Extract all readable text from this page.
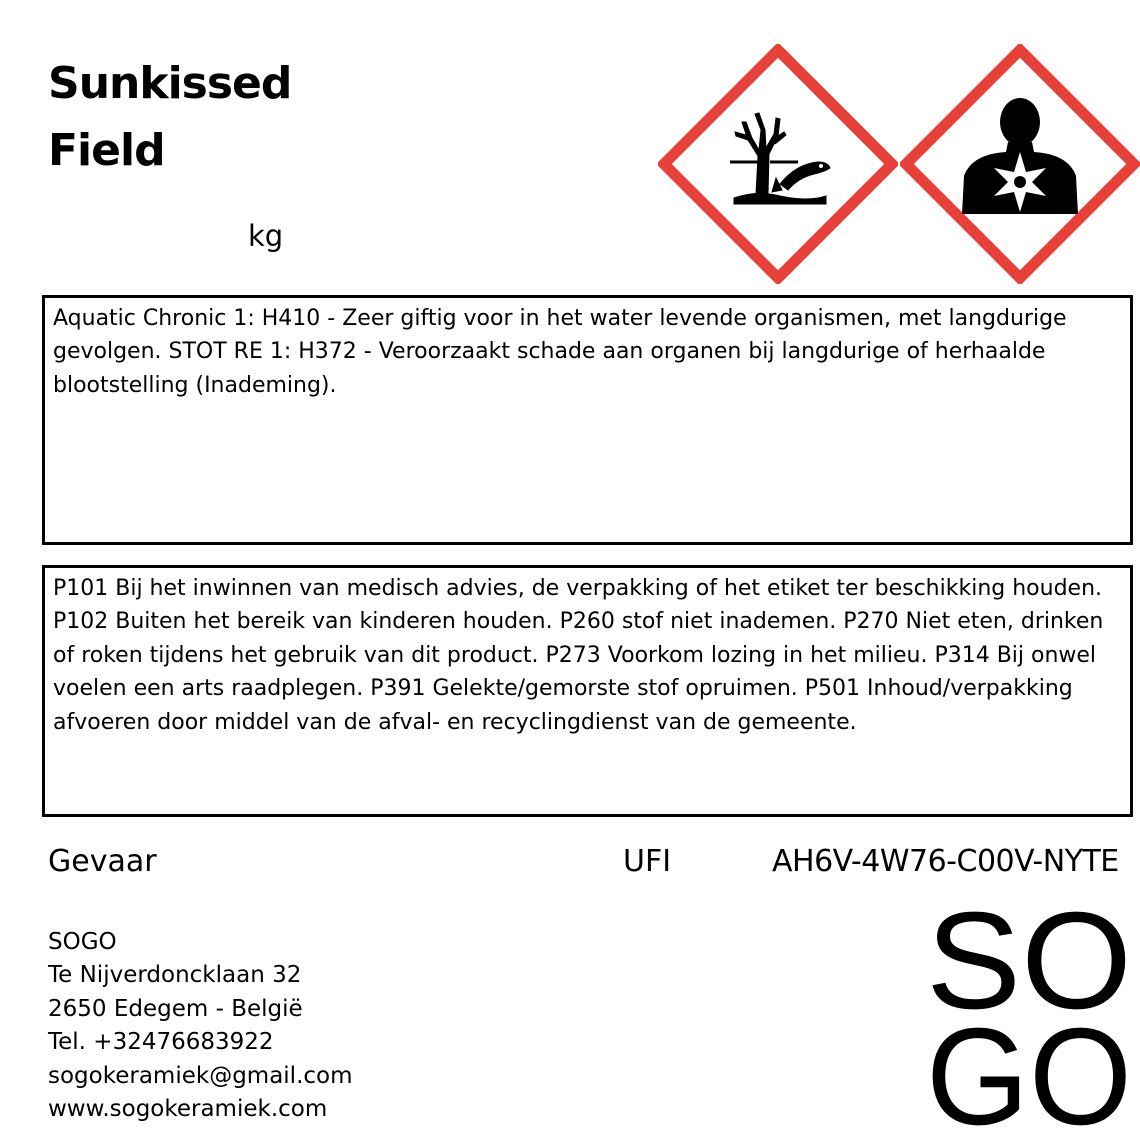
Sunkissed
Field
kg
Aquatic Chronic 1: H410 - Zeer giftig voor in het water levende organismen, met langdurige gevolgen. STOT RE 1: H372 - Veroorzaakt schade aan organen bij langdurige of herhaalde blootstelling (Inademing).
P101 Bij het inwinnen van medisch advies, de verpakking of het etiket ter beschikking houden. P102 Buiten het bereik van kinderen houden. P260 stof niet inademen. P270 Niet eten, drinken of roken tijdens het gebruik van dit product. P273 Voorkom lozing in het milieu. P314 Bij onwel voelen een arts raadplegen. P391 Gelekte/gemorste stof opruimen. P501 Inhoud/verpakking afvoeren door middel van de afval- en recyclingdienst van de gemeente.
Gevaar	UFI	AH6V-4W76-C00V-NYTE
SOGO
Te Nijverdoncklaan 32
2650 Edegem - België
Tel. +32476683922
sogokeramiek@gmail.com
www.sogokeramiek.com
SO
GO
